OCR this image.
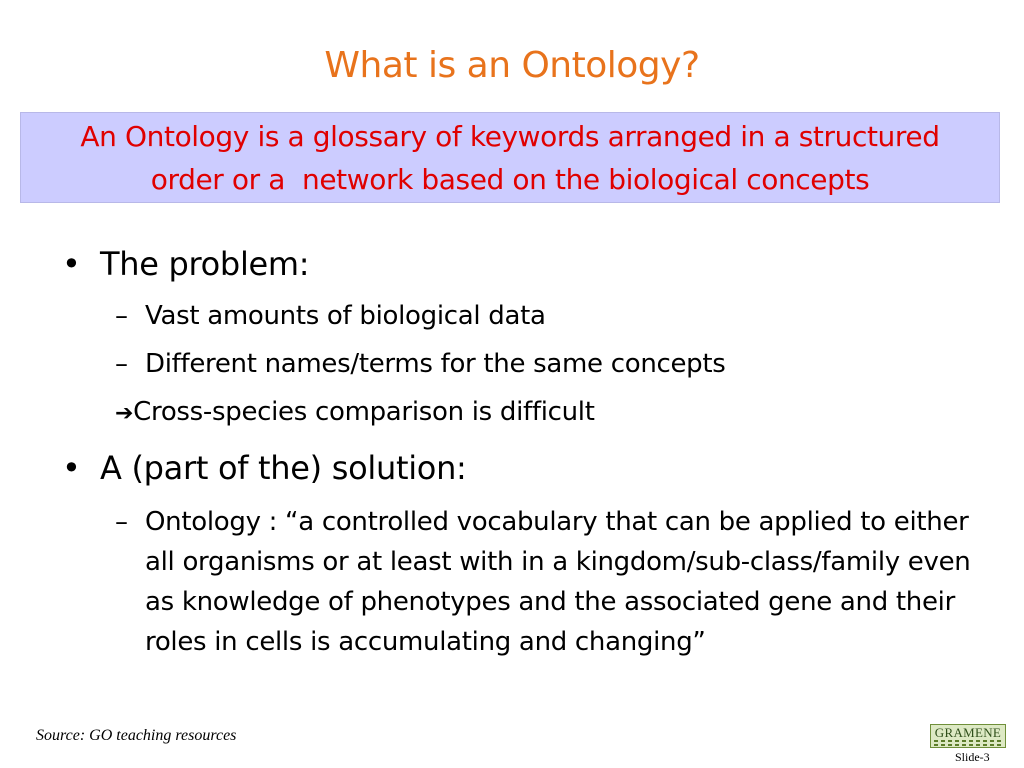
What is an Ontology?
An Ontology is a glossary of keywords arranged in a structured
order or a  network based on the biological concepts
• The problem:
– Vast amounts of biological data
– Different names/terms for the same concepts
➔Cross-species comparison is difficult
• A (part of the) solution:
– Ontology : “a controlled vocabulary that can be applied to either all organisms or at least with in a kingdom/sub-class/family even as knowledge of phenotypes and the associated gene and their roles in cells is accumulating and changing”
Source: GO teaching resources	GRAMENE
Slide-3
